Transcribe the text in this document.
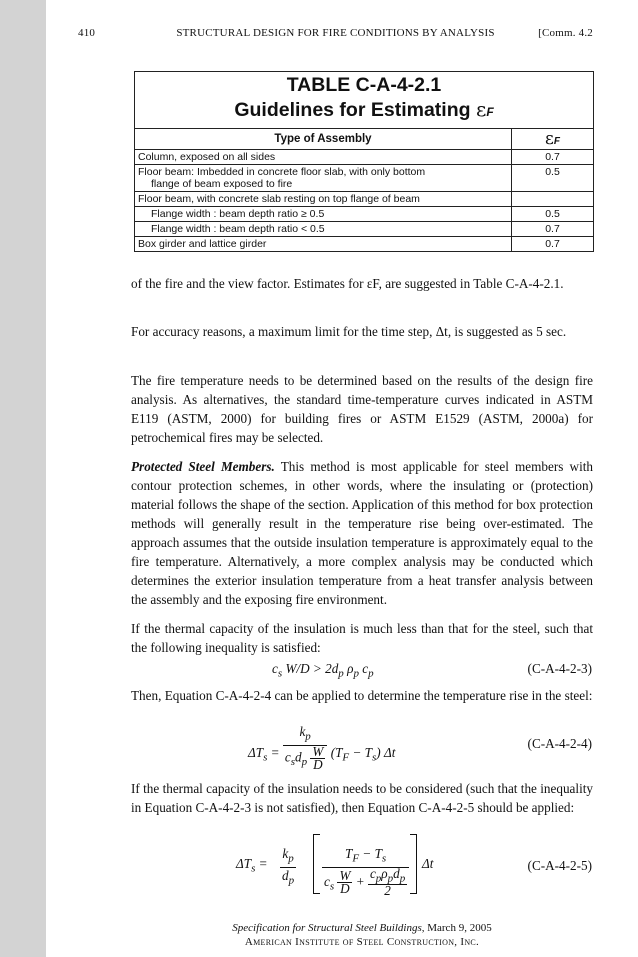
410	STRUCTURAL DESIGN FOR FIRE CONDITIONS BY ANALYSIS	[Comm. 4.2
TABLE C-A-4-2.1
Guidelines for Estimating εF
Type of Assembly	εF
Column, exposed on all sides	0.7
Floor beam: Imbedded in concrete floor slab, with only bottom
flange of beam exposed to fire	0.5
Floor beam, with concrete slab resting on top flange of beam	
Flange width : beam depth ratio ≥ 0.5	0.5
Flange width : beam depth ratio < 0.5	0.7
Box girder and lattice girder	0.7

of the fire and the view factor. Estimates for εF, are suggested in Table C-A-4-2.1.

For accuracy reasons, a maximum limit for the time step, Δt, is suggested as 5 sec.

The fire temperature needs to be determined based on the results of the design fire analysis. As alternatives, the standard time-temperature curves indicated in ASTM E119 (ASTM, 2000) for building fires or ASTM E1529 (ASTM, 2000a) for petrochemical fires may be selected.

Protected Steel Members. This method is most applicable for steel members with contour protection schemes, in other words, where the insulating or (protection) material follows the shape of the section. Application of this method for box protection methods will generally result in the temperature rise being over-estimated. The approach assumes that the outside insulation temperature is approximately equal to the fire temperature. Alternatively, a more complex analysis may be conducted which determines the exterior insulation temperature from a heat transfer analysis between the assembly and the exposing fire environment.

If the thermal capacity of the insulation is much less than that for the steel, such that the following inequality is satisfied:

$c_s$ $W/D > 2d_p$ $\rho_p$ $c_p$	(C-A-4-2-3)

Then, Equation C-A-4-2-4 can be applied to determine the temperature rise in the steel:

$\Delta T_s = \frac{k_p}{c_sd_p \frac{W}{D}} (T_F - T_s)$ Δt
(C-A-4-2-4)

If the thermal capacity of the insulation needs to be considered (such that the inequality in Equation C-A-4-2-3 is not satisfied), then Equation C-A-4-2-5 should be applied:

$\Delta T_s = \frac{k_p}{d_p}$	$T_F - T_s$
$c_s \frac{W}{D} + \frac{c_p\rho_pd_p}{2}$
Δt	(C-A-4-2-5)
Specification for Structural Steel Buildings, March 9, 2005
American Institute of Steel Construction, Inc.
